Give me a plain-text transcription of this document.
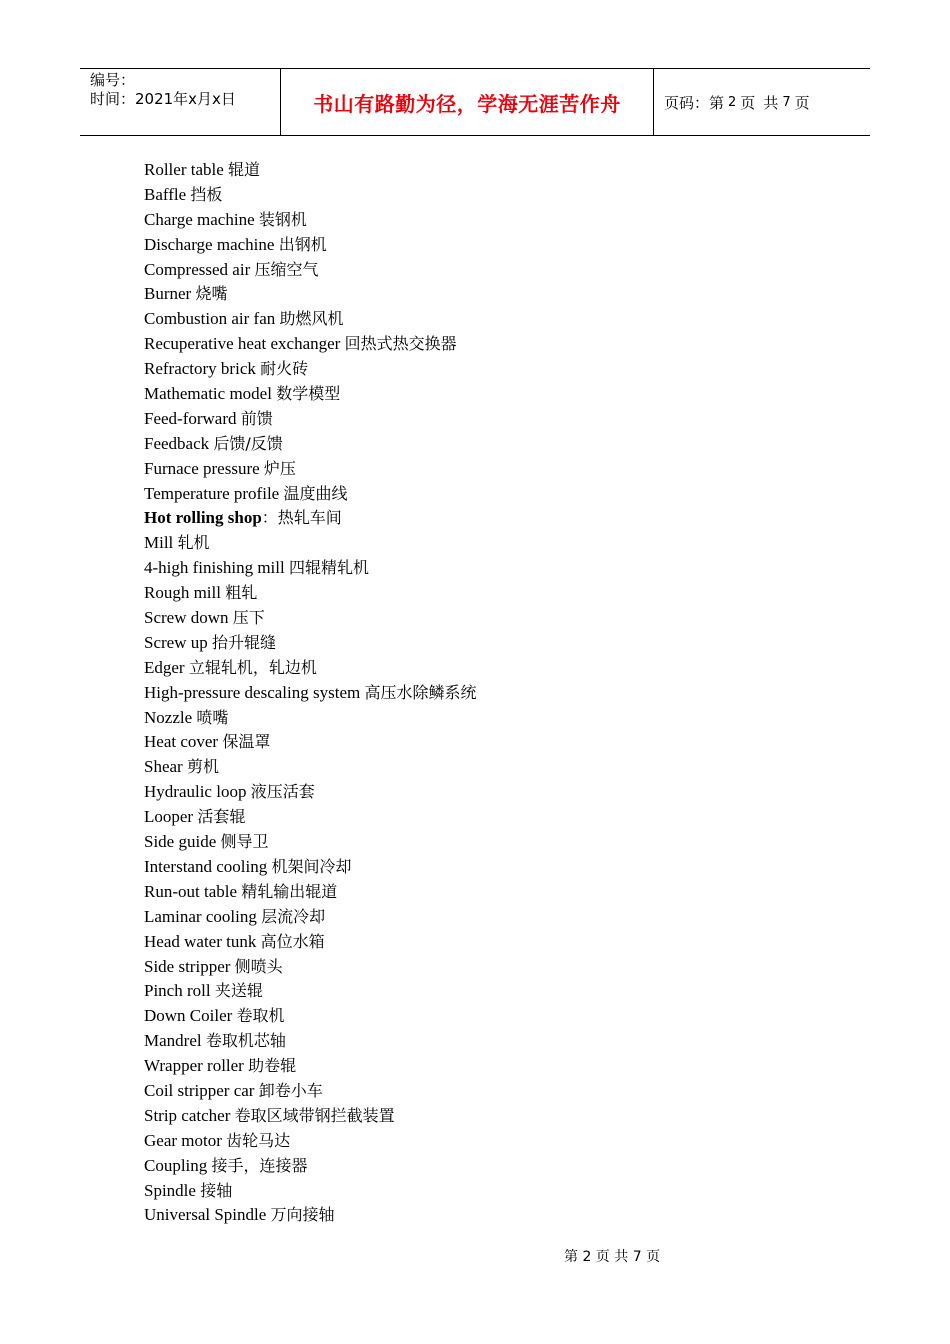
编号：
时间：2021年x月x日	书山有路勤为径，学海无涯苦作舟	页码：第 2 页 共 7 页
Roller table 辊道
Baffle 挡板
Charge machine 装钢机
Discharge machine 出钢机
Compressed air 压缩空气
Burner 烧嘴
Combustion air fan 助燃风机
Recuperative heat exchanger 回热式热交换器
Refractory brick 耐火砖
Mathematic model 数学模型
Feed-forward 前馈
Feedback 后馈/反馈
Furnace pressure 炉压
Temperature profile 温度曲线
Hot rolling shop：热轧车间
Mill 轧机
4-high finishing mill 四辊精轧机
Rough mill 粗轧
Screw down 压下
Screw up 抬升辊缝
Edger 立辊轧机，轧边机
High-pressure descaling system 高压水除鳞系统
Nozzle 喷嘴
Heat cover 保温罩
Shear 剪机
Hydraulic loop 液压活套
Looper 活套辊
Side guide 侧导卫
Interstand cooling 机架间冷却
Run-out table 精轧输出辊道
Laminar cooling 层流冷却
Head water tunk 高位水箱
Side stripper 侧喷头
Pinch roll 夹送辊
Down Coiler 卷取机
Mandrel 卷取机芯轴
Wrapper roller 助卷辊
Coil stripper car 卸卷小车
Strip catcher 卷取区域带钢拦截装置
Gear motor 齿轮马达
Coupling 接手，连接器
Spindle 接轴
Universal Spindle 万向接轴
第 2 页 共 7 页
